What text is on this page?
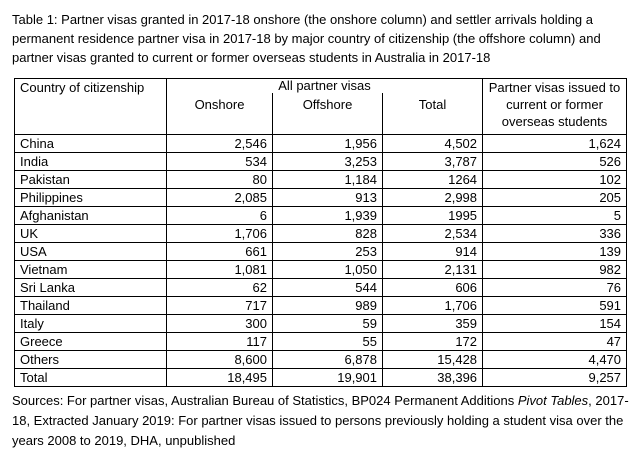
Table 1: Partner visas granted in 2017-18 onshore (the onshore column) and settler arrivals holding a permanent residence partner visa in 2017-18 by major country of citizenship (the offshore column) and partner visas granted to current or former overseas students in Australia in 2017-18
Country of citizenship	All partner visas			Partner visas issued to current or former overseas students
	Onshore	Offshore	Total	
China	2,546	1,956	4,502	1,624
India	534	3,253	3,787	526
Pakistan	80	1,184	1264	102
Philippines	2,085	913	2,998	205
Afghanistan	6	1,939	1995	5
UK	1,706	828	2,534	336
USA	661	253	914	139
Vietnam	1,081	1,050	2,131	982
Sri Lanka	62	544	606	76
Thailand	717	989	1,706	591
Italy	300	59	359	154
Greece	117	55	172	47
Others	8,600	6,878	15,428	4,470
Total	18,495	19,901	38,396	9,257
Sources: For partner visas, Australian Bureau of Statistics, BP024 Permanent Additions Pivot Tables, 2017-18, Extracted January 2019: For partner visas issued to persons previously holding a student visa over the years 2008 to 2019, DHA, unpublished
